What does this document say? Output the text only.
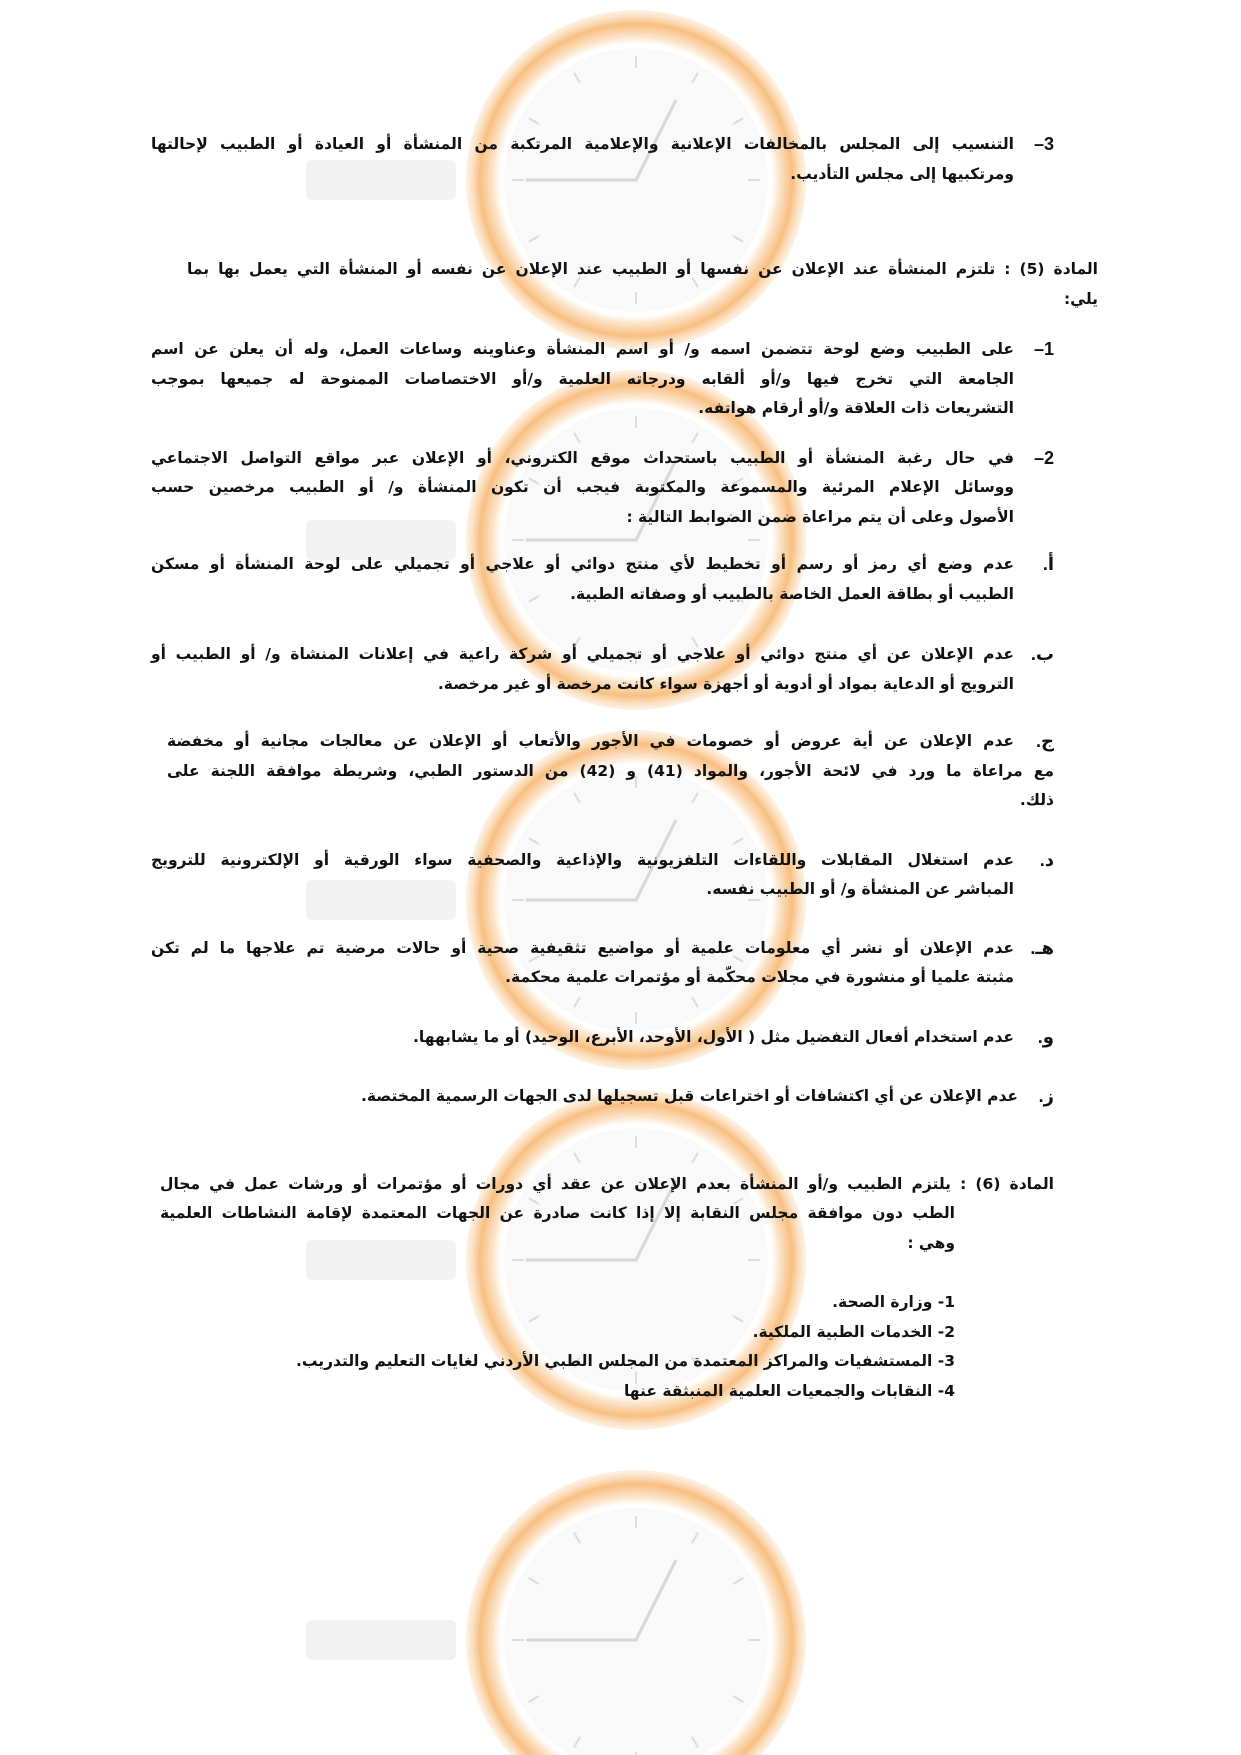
3–
التنسيب إلى المجلس بالمخالفات الإعلانية والإعلامية المرتكبة من المنشأة أو العيادة أو الطبيب لإحالتها
ومرتكبيها إلى مجلس التأديب.
المادة (5) : تلتزم المنشأة عند الإعلان عن نفسها أو الطبيب عند الإعلان عن نفسه أو المنشأة التي يعمل بها بما
يلي:
1–
على الطبيب وضع لوحة تتضمن اسمه و/ أو اسم المنشأة وعناوينه وساعات العمل، وله أن يعلن عن اسم
الجامعة التي تخرج فيها و/أو ألقابه ودرجاته العلمية و/أو الاختصاصات الممنوحة له جميعها بموجب
التشريعات ذات العلاقة و/أو أرقام هواتفه.
2–
في حال رغبة المنشأة أو الطبيب باستحداث موقع الكتروني، أو الإعلان عبر مواقع التواصل الاجتماعي
ووسائل الإعلام المرئية والمسموعة والمكتوبة فيجب أن تكون المنشأة و/ أو الطبيب مرخصين حسب
الأصول وعلى أن يتم مراعاة ضمن الضوابط التالية :
أ.
عدم وضع أي رمز أو رسم أو تخطيط لأي منتج دوائي أو علاجي أو تجميلي على لوحة المنشأة أو مسكن
الطبيب أو بطاقة العمل الخاصة بالطبيب أو وصفاته الطبية.
ب.
عدم الإعلان عن أي منتج دوائي أو علاجي أو تجميلي أو شركة راعية في إعلانات المنشاة و/ أو الطبيب أو
الترويج أو الدعاية بمواد أو أدوية أو أجهزة سواء كانت مرخصة أو غير مرخصة.
ج.
عدم الإعلان عن أية عروض أو خصومات في الأجور والأتعاب أو الإعلان عن معالجات مجانية أو مخفضة
مع مراعاة ما ورد في لائحة الأجور، والمواد (41) و (42) من الدستور الطبي، وشريطة موافقة اللجنة على
ذلك.
د.
عدم استغلال المقابلات واللقاءات التلفزيونية والإذاعية والصحفية سواء الورقية أو الإلكترونية للترويج
المباشر عن المنشأة و/ أو الطبيب نفسه.
هـ.
عدم الإعلان أو نشر أي معلومات علمية أو مواضيع تثقيفية صحية أو حالات مرضية تم علاجها ما لم تكن
مثبتة علميا أو منشورة في مجلات محكّمة أو مؤتمرات علمية محكمة.
و.
عدم استخدام أفعال التفضيل مثل ( الأول، الأوحد، الأبرع، الوحيد) أو ما يشابهها.
ز.
عدم الإعلان عن أي اكتشافات أو اختراعات قبل تسجيلها لدى الجهات الرسمية المختصة.
المادة (6) : يلتزم الطبيب و/أو المنشأة بعدم الإعلان عن عقد أي دورات أو مؤتمرات أو ورشات عمل في مجال
الطب دون موافقة مجلس النقابة إلا إذا كانت صادرة عن الجهات المعتمدة لإقامة النشاطات العلمية
وهي :
1- وزارة الصحة.
2- الخدمات الطبية الملكية.
3- المستشفيات والمراكز المعتمدة من المجلس الطبي الأردني لغايات التعليم والتدريب.
4- النقابات والجمعيات العلمية المنبثقة عنها
